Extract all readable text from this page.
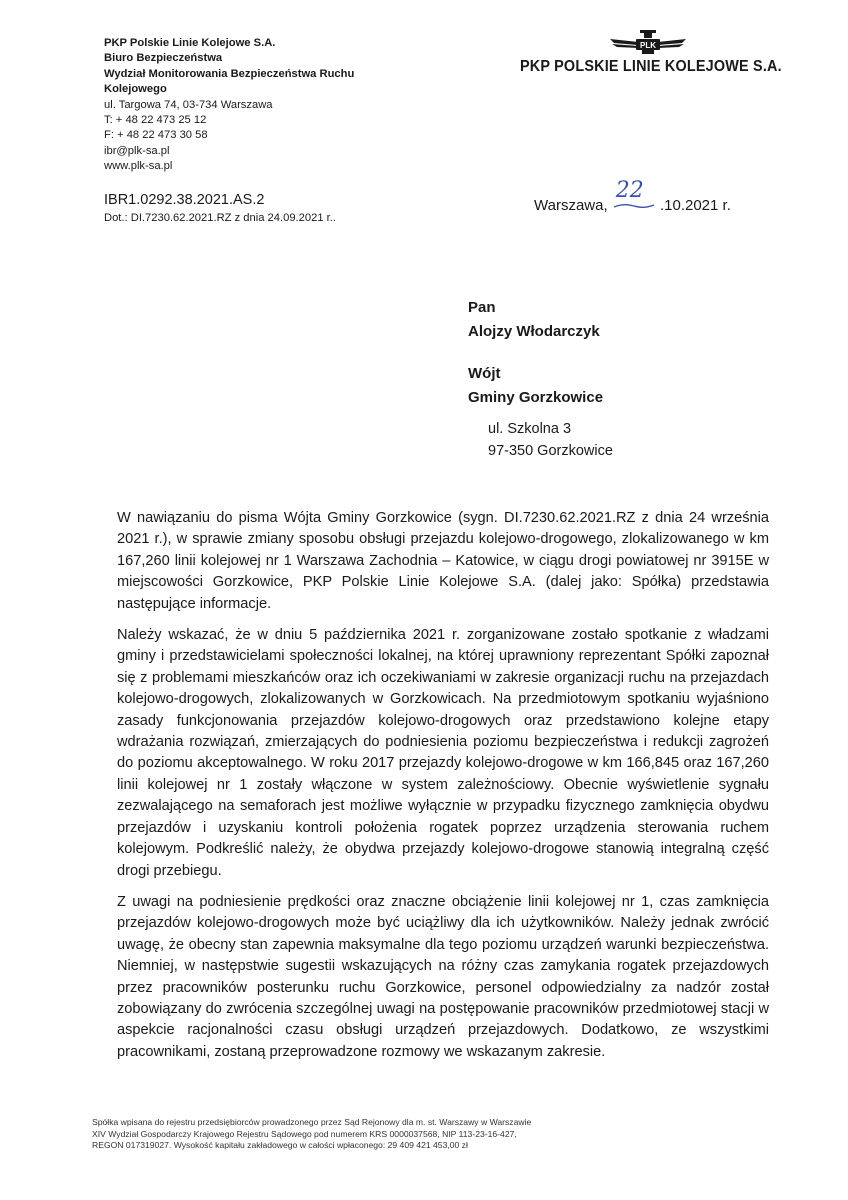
PKP Polskie Linie Kolejowe S.A.
Biuro Bezpieczeństwa
Wydział Monitorowania Bezpieczeństwa Ruchu
Kolejowego
ul. Targowa 74, 03-734 Warszawa
T: + 48 22 473 25 12
F: + 48 22 473 30 58
ibr@plk-sa.pl
www.plk-sa.pl
PLK
PKP POLSKIE LINIE KOLEJOWE S.A.
IBR1.0292.38.2021.AS.2
Dot.: DI.7230.62.2021.RZ z dnia 24.09.2021 r..
Warszawa,
22
.10.2021 r.
Pan
Alojzy Włodarczyk
Wójt
Gminy Gorzkowice
ul. Szkolna 3
97-350 Gorzkowice

W nawiązaniu do pisma Wójta Gminy Gorzkowice (sygn. DI.7230.62.2021.RZ z dnia 24 września 2021 r.), w sprawie zmiany sposobu obsługi przejazdu kolejowo-drogowego, zlokalizowanego w km 167,260 linii kolejowej nr 1 Warszawa Zachodnia – Katowice, w ciągu drogi powiatowej nr 3915E w miejscowości Gorzkowice, PKP Polskie Linie Kolejowe S.A. (dalej jako: Spółka) przedstawia następujące informacje.

Należy wskazać, że w dniu 5 października 2021 r. zorganizowane zostało spotkanie z władzami gminy i przedstawicielami społeczności lokalnej, na której uprawniony reprezentant Spółki zapoznał się z problemami mieszkańców oraz ich oczekiwaniami w zakresie organizacji ruchu na przejazdach kolejowo-drogowych, zlokalizowanych w Gorzkowicach. Na przedmiotowym spotkaniu wyjaśniono zasady funkcjonowania przejazdów kolejowo-drogowych oraz przedstawiono kolejne etapy wdrażania rozwiązań, zmierzających do podniesienia poziomu bezpieczeństwa i redukcji zagrożeń do poziomu akceptowalnego. W roku 2017 przejazdy kolejowo-drogowe w km 166,845 oraz 167,260 linii kolejowej nr 1 zostały włączone w system zależnościowy. Obecnie wyświetlenie sygnału zezwalającego na semaforach jest możliwe wyłącznie w przypadku fizycznego zamknięcia obydwu przejazdów i uzyskaniu kontroli położenia rogatek poprzez urządzenia sterowania ruchem kolejowym. Podkreślić należy, że obydwa przejazdy kolejowo-drogowe stanowią integralną część drogi przebiegu.

Z uwagi na podniesienie prędkości oraz znaczne obciążenie linii kolejowej nr 1, czas zamknięcia przejazdów kolejowo-drogowych może być uciążliwy dla ich użytkowników. Należy jednak zwrócić uwagę, że obecny stan zapewnia maksymalne dla tego poziomu urządzeń warunki bezpieczeństwa. Niemniej, w następstwie sugestii wskazujących na różny czas zamykania rogatek przejazdowych przez pracowników posterunku ruchu Gorzkowice, personel odpowiedzialny za nadzór został zobowiązany do zwrócenia szczególnej uwagi na postępowanie pracowników przedmiotowej stacji w aspekcie racjonalności czasu obsługi urządzeń przejazdowych. Dodatkowo, ze wszystkimi pracownikami, zostaną przeprowadzone rozmowy we wskazanym zakresie.

Spółka wpisana do rejestru przedsiębiorców prowadzonego przez Sąd Rejonowy dla m. st. Warszawy w Warszawie
XIV Wydział Gospodarczy Krajowego Rejestru Sądowego pod numerem KRS 0000037568, NIP 113-23-16-427,
REGON 017319027. Wysokość kapitału zakładowego w całości wpłaconego: 29 409 421 453,00 zł
